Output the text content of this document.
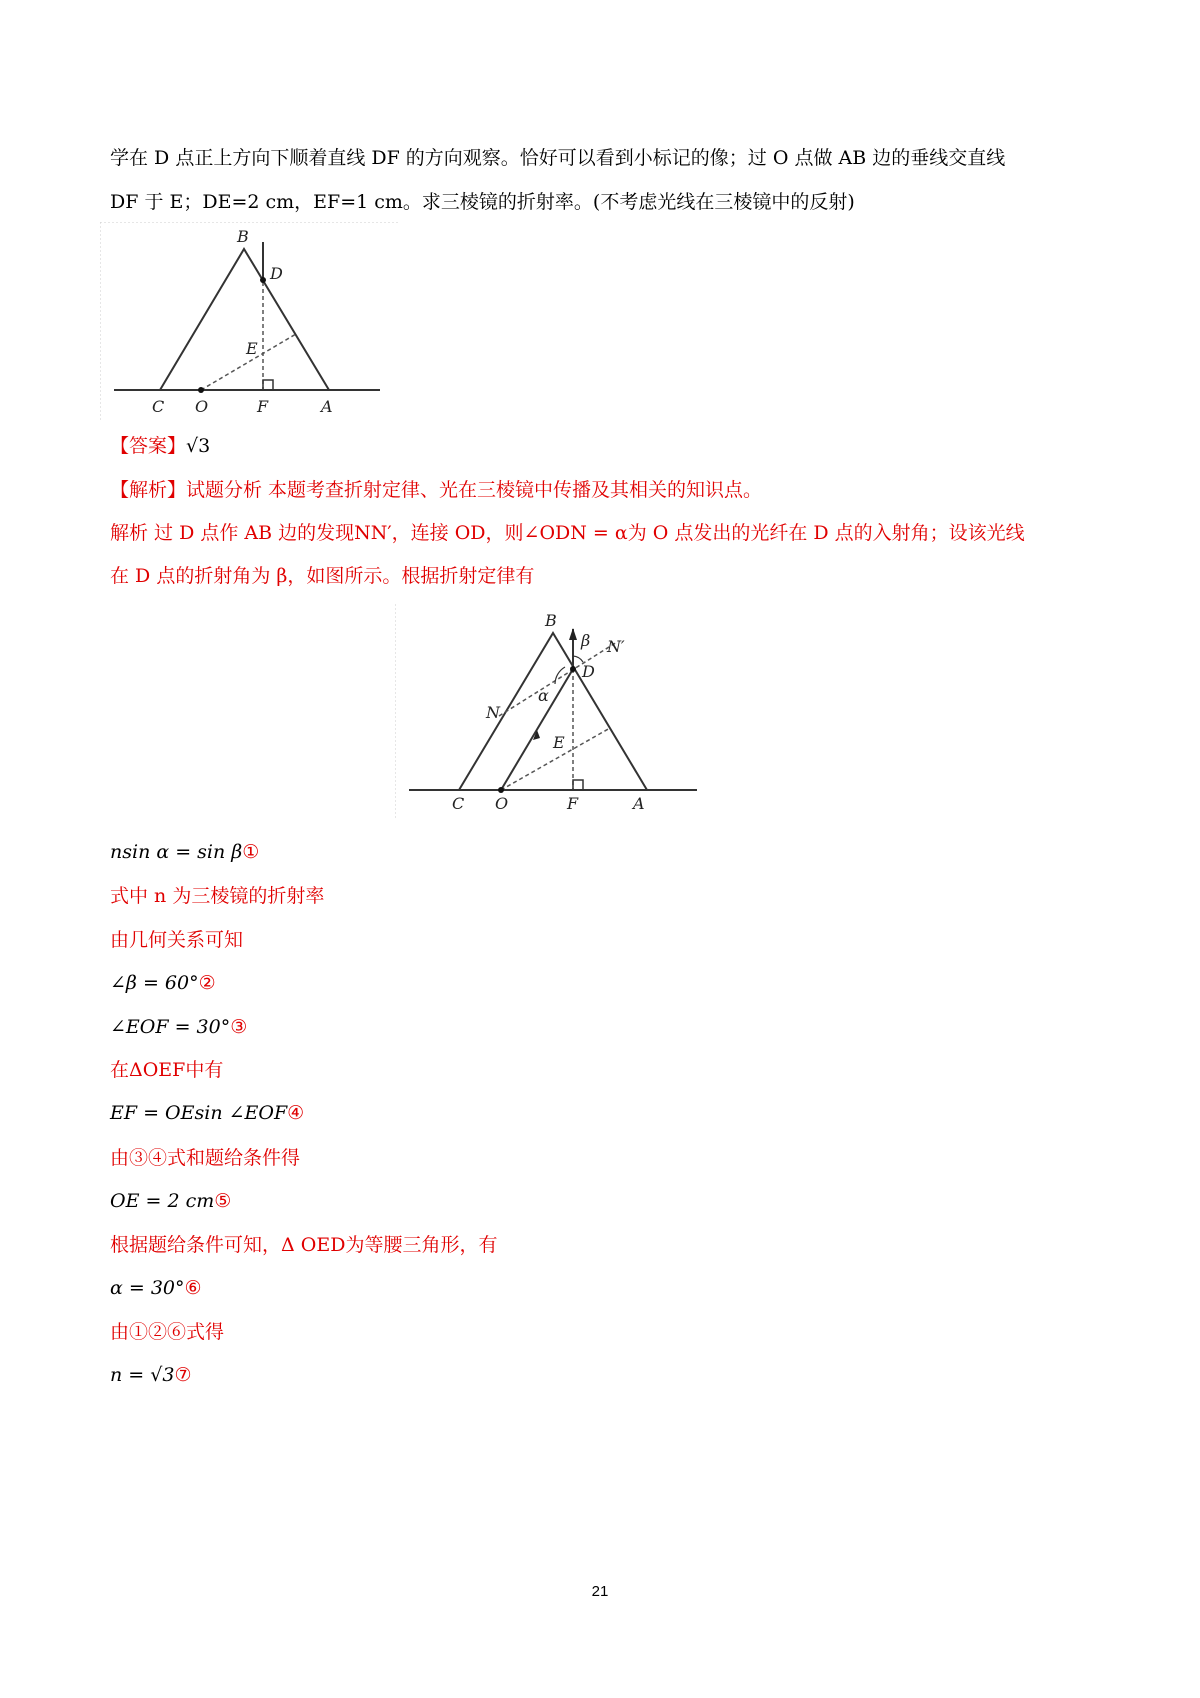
学在 D 点正上方向下顺着直线 DF 的方向观察。恰好可以看到小标记的像；过 O 点做 AB 边的垂线交直线
DF 于 E；DE=2 cm，EF=1 cm。求三棱镜的折射率。(不考虑光线在三棱镜中的反射)
B
D
E
C O	F	A
【答案】√3
【解析】试题分析 本题考查折射定律、光在三棱镜中传播及其相关的知识点。
解析 过 D 点作 AB 边的发现NN′，连接 OD，则∠ODN = α为 O 点发出的光纤在 D 点的入射角；设该光线
在 D 点的折射角为 β，如图所示。根据折射定律有
B
β N′
D
α
N
E
C O	F	A
nsin α = sin β①
式中 n 为三棱镜的折射率
由几何关系可知
∠β = 60°②
∠EOF = 30°③
在ΔOEF中有
EF = OEsin ∠EOF④
由③④式和题给条件得
OE = 2 cm⑤
根据题给条件可知，Δ OED为等腰三角形，有
α = 30°⑥
由①②⑥式得
n = √3⑦
21
